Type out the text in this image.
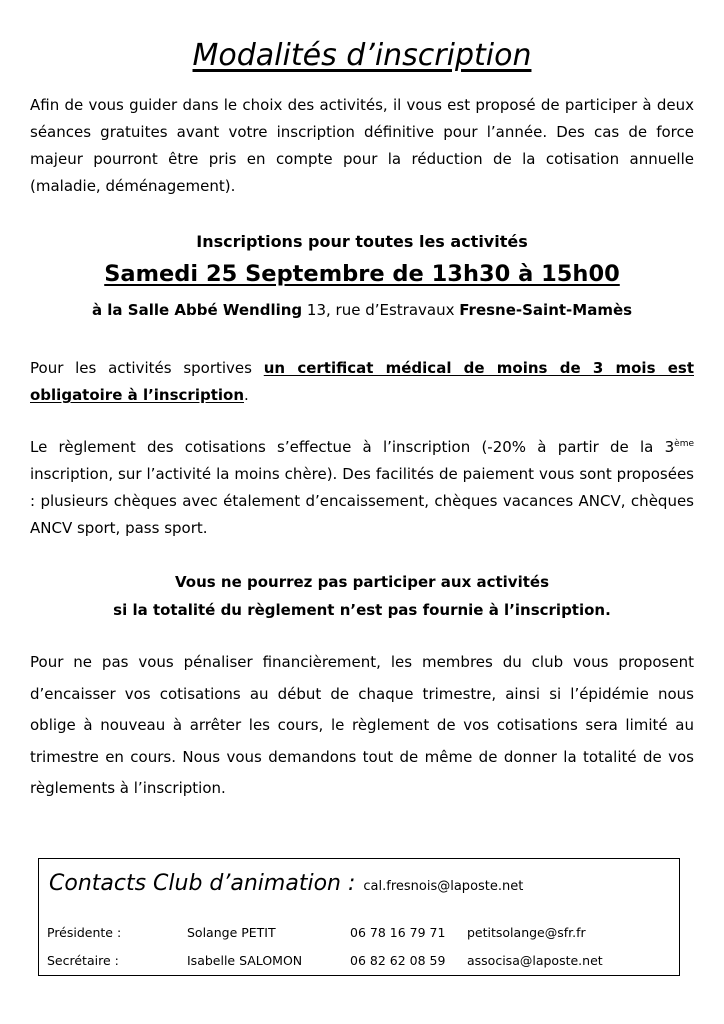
Modalités d’inscription

Afin de vous guider dans le choix des activités, il vous est proposé de participer à deux séances gratuites avant votre inscription définitive pour l’année. Des cas de force majeur pourront être pris en compte pour la réduction de la cotisation annuelle (maladie, déménagement).

Inscriptions pour toutes les activités
Samedi 25 Septembre de 13h30 à 15h00
à la Salle Abbé Wendling 13, rue d’Estravaux Fresne-Saint-Mamès

Pour les activités sportives un certificat médical de moins de 3 mois est obligatoire à l’inscription.

Le règlement des cotisations s’effectue à l’inscription (-20% à partir de la 3ème inscription, sur l’activité la moins chère). Des facilités de paiement vous sont proposées : plusieurs chèques avec étalement d’encaissement, chèques vacances ANCV, chèques ANCV sport, pass sport.

Vous ne pourrez pas participer aux activités
si la totalité du règlement n’est pas fournie à l’inscription.

Pour ne pas vous pénaliser financièrement, les membres du club vous proposent d’encaisser vos cotisations au début de chaque trimestre, ainsi si l’épidémie nous oblige à nouveau à arrêter les cours, le règlement de vos cotisations sera limité au trimestre en cours. Nous vous demandons tout de même de donner la totalité de vos règlements à l’inscription.

Contacts Club d’animation : cal.fresnois@laposte.net
Présidente :	Solange PETIT	06 78 16 79 71 petitsolange@sfr.fr
Secrétaire :	Isabelle SALOMON	06 82 62 08 59 associsa@laposte.net
